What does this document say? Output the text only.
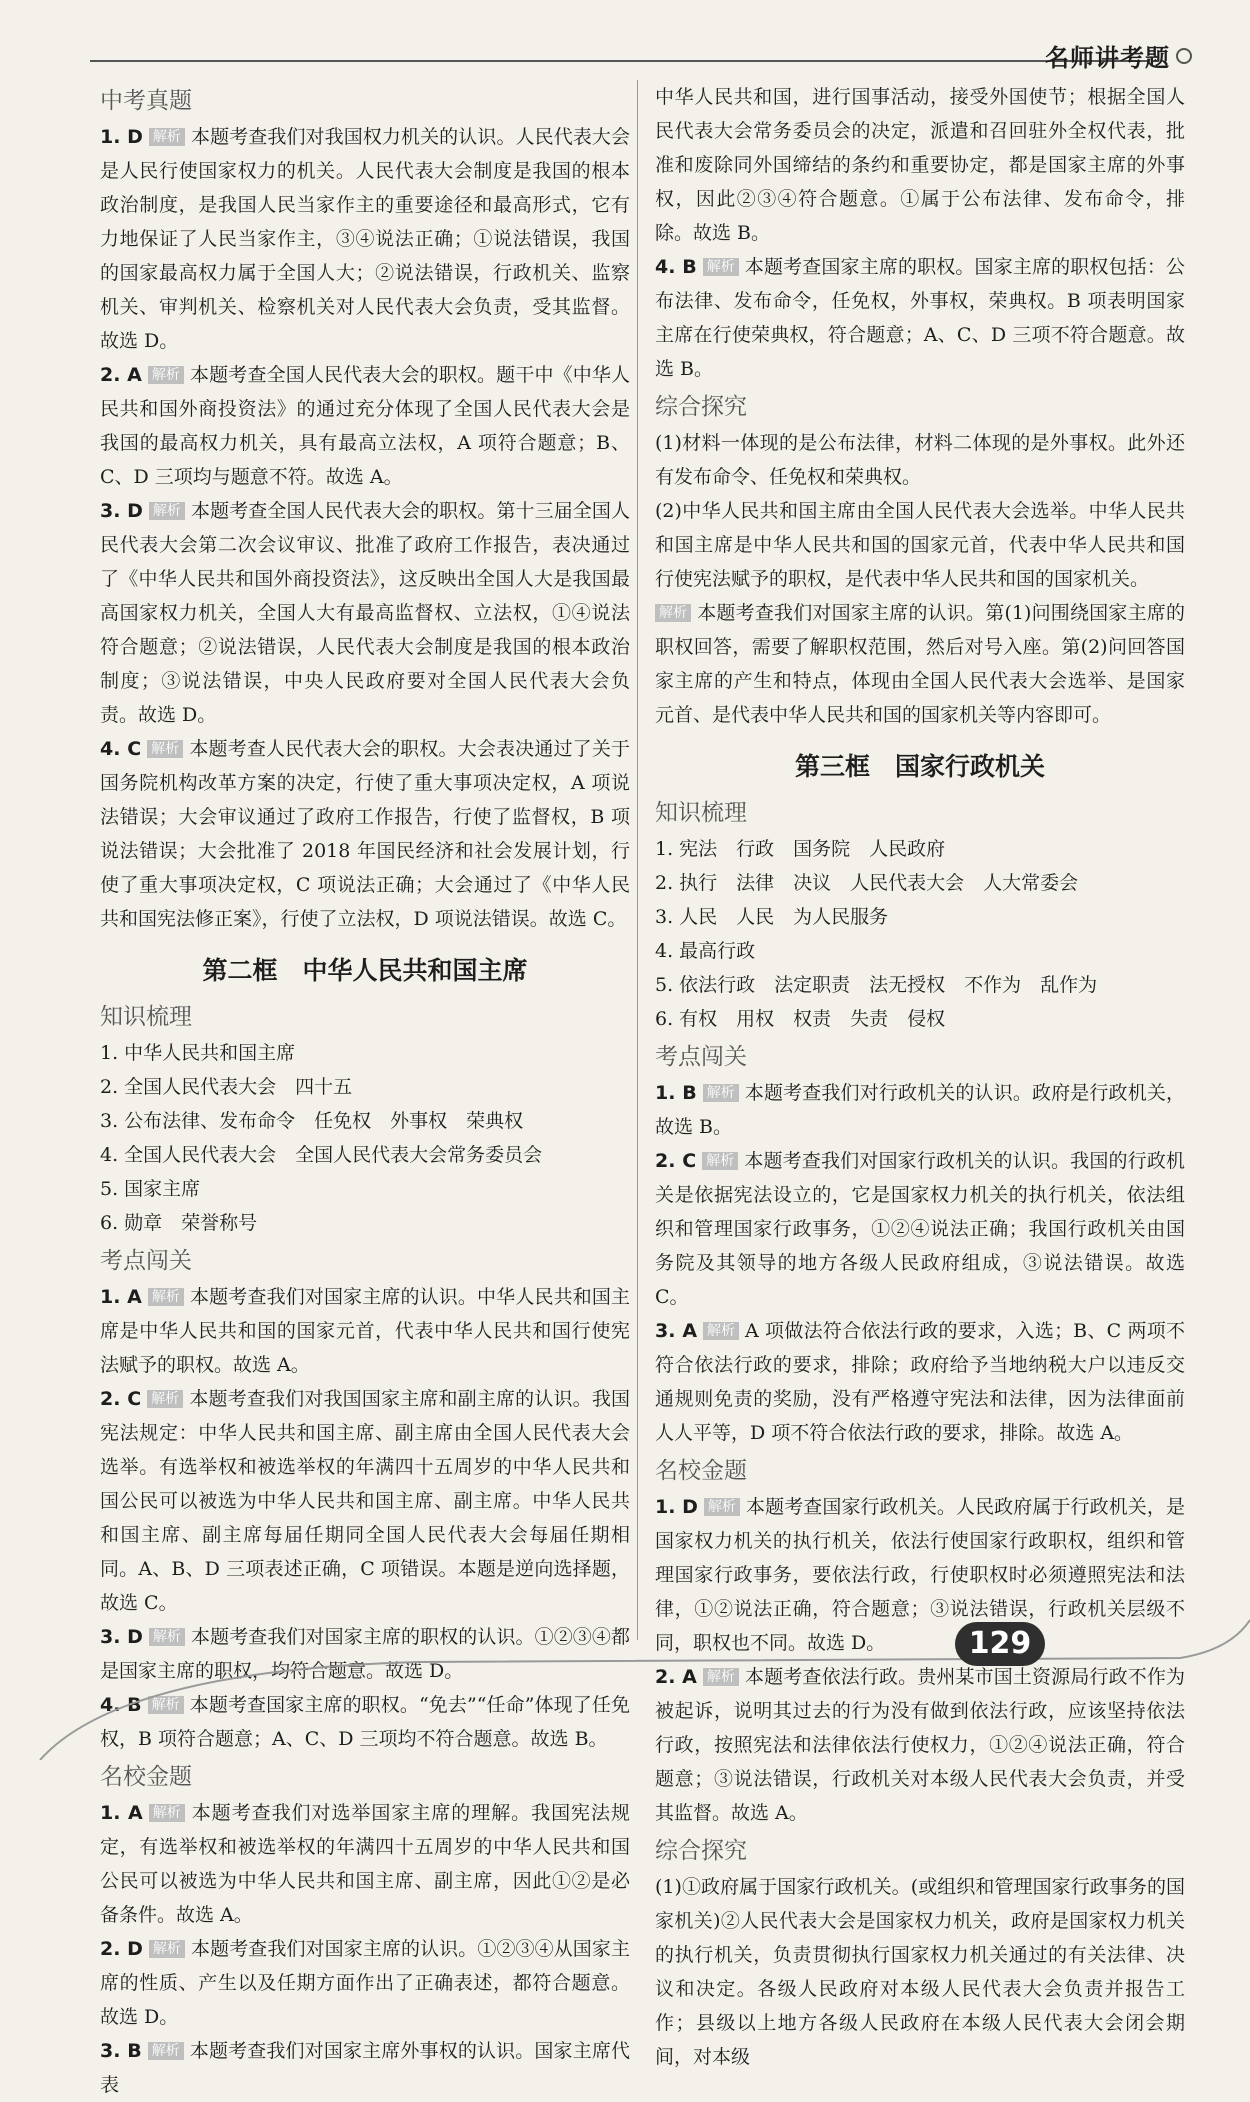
名师讲考题
中考真题
1. D 解析 本题考查我们对我国权力机关的认识。人民代表大会是人民行使国家权力的机关。人民代表大会制度是我国的根本政治制度，是我国人民当家作主的重要途径和最高形式，它有力地保证了人民当家作主，③④说法正确；①说法错误，我国的国家最高权力属于全国人大；②说法错误，行政机关、监察机关、审判机关、检察机关对人民代表大会负责，受其监督。故选 D。
2. A 解析 本题考查全国人民代表大会的职权。题干中《中华人民共和国外商投资法》的通过充分体现了全国人民代表大会是我国的最高权力机关，具有最高立法权，A 项符合题意；B、C、D 三项均与题意不符。故选 A。
3. D 解析 本题考查全国人民代表大会的职权。第十三届全国人民代表大会第二次会议审议、批准了政府工作报告，表决通过了《中华人民共和国外商投资法》，这反映出全国人大是我国最高国家权力机关，全国人大有最高监督权、立法权，①④说法符合题意；②说法错误，人民代表大会制度是我国的根本政治制度；③说法错误，中央人民政府要对全国人民代表大会负责。故选 D。
4. C 解析 本题考查人民代表大会的职权。大会表决通过了关于国务院机构改革方案的决定，行使了重大事项决定权，A 项说法错误；大会审议通过了政府工作报告，行使了监督权，B 项说法错误；大会批准了 2018 年国民经济和社会发展计划，行使了重大事项决定权，C 项说法正确；大会通过了《中华人民共和国宪法修正案》，行使了立法权，D 项说法错误。故选 C。
第二框　中华人民共和国主席
知识梳理
1. 中华人民共和国主席
2. 全国人民代表大会　四十五
3. 公布法律、发布命令　任免权　外事权　荣典权
4. 全国人民代表大会　全国人民代表大会常务委员会
5. 国家主席
6. 勋章　荣誉称号
考点闯关
1. A 解析 本题考查我们对国家主席的认识。中华人民共和国主席是中华人民共和国的国家元首，代表中华人民共和国行使宪法赋予的职权。故选 A。
2. C 解析 本题考查我们对我国国家主席和副主席的认识。我国宪法规定：中华人民共和国主席、副主席由全国人民代表大会选举。有选举权和被选举权的年满四十五周岁的中华人民共和国公民可以被选为中华人民共和国主席、副主席。中华人民共和国主席、副主席每届任期同全国人民代表大会每届任期相同。A、B、D 三项表述正确，C 项错误。本题是逆向选择题，故选 C。
3. D 解析 本题考查我们对国家主席的职权的认识。①②③④都是国家主席的职权，均符合题意。故选 D。
4. B 解析 本题考查国家主席的职权。“免去”“任命”体现了任免权，B 项符合题意；A、C、D 三项均不符合题意。故选 B。
名校金题
1. A 解析 本题考查我们对选举国家主席的理解。我国宪法规定，有选举权和被选举权的年满四十五周岁的中华人民共和国公民可以被选为中华人民共和国主席、副主席，因此①②是必备条件。故选 A。
2. D 解析 本题考查我们对国家主席的认识。①②③④从国家主席的性质、产生以及任期方面作出了正确表述，都符合题意。故选 D。
3. B 解析 本题考查我们对国家主席外事权的认识。国家主席代表
中华人民共和国，进行国事活动，接受外国使节；根据全国人民代表大会常务委员会的决定，派遣和召回驻外全权代表，批准和废除同外国缔结的条约和重要协定，都是国家主席的外事权，因此②③④符合题意。①属于公布法律、发布命令，排除。故选 B。
4. B 解析 本题考查国家主席的职权。国家主席的职权包括：公布法律、发布命令，任免权，外事权，荣典权。B 项表明国家主席在行使荣典权，符合题意；A、C、D 三项不符合题意。故选 B。
综合探究
(1)材料一体现的是公布法律，材料二体现的是外事权。此外还有发布命令、任免权和荣典权。
(2)中华人民共和国主席由全国人民代表大会选举。中华人民共和国主席是中华人民共和国的国家元首，代表中华人民共和国行使宪法赋予的职权，是代表中华人民共和国的国家机关。
解析 本题考查我们对国家主席的认识。第(1)问围绕国家主席的职权回答，需要了解职权范围，然后对号入座。第(2)问回答国家主席的产生和特点，体现由全国人民代表大会选举、是国家元首、是代表中华人民共和国的国家机关等内容即可。
第三框　国家行政机关
知识梳理
1. 宪法　行政　国务院　人民政府
2. 执行　法律　决议　人民代表大会　人大常委会
3. 人民　人民　为人民服务
4. 最高行政
5. 依法行政　法定职责　法无授权　不作为　乱作为
6. 有权　用权　权责　失责　侵权
考点闯关
1. B 解析 本题考查我们对行政机关的认识。政府是行政机关，故选 B。
2. C 解析 本题考查我们对国家行政机关的认识。我国的行政机关是依据宪法设立的，它是国家权力机关的执行机关，依法组织和管理国家行政事务，①②④说法正确；我国行政机关由国务院及其领导的地方各级人民政府组成，③说法错误。故选 C。
3. A 解析 A 项做法符合依法行政的要求，入选；B、C 两项不符合依法行政的要求，排除；政府给予当地纳税大户以违反交通规则免责的奖励，没有严格遵守宪法和法律，因为法律面前人人平等，D 项不符合依法行政的要求，排除。故选 A。
名校金题
1. D 解析 本题考查国家行政机关。人民政府属于行政机关，是国家权力机关的执行机关，依法行使国家行政职权，组织和管理国家行政事务，要依法行政，行使职权时必须遵照宪法和法律，①②说法正确，符合题意；③说法错误，行政机关层级不同，职权也不同。故选 D。
2. A 解析 本题考查依法行政。贵州某市国土资源局行政不作为被起诉，说明其过去的行为没有做到依法行政，应该坚持依法行政，按照宪法和法律依法行使权力，①②④说法正确，符合题意；③说法错误，行政机关对本级人民代表大会负责，并受其监督。故选 A。
综合探究
(1)①政府属于国家行政机关。(或组织和管理国家行政事务的国家机关)②人民代表大会是国家权力机关，政府是国家权力机关的执行机关，负责贯彻执行国家权力机关通过的有关法律、决议和决定。各级人民政府对本级人民代表大会负责并报告工作；县级以上地方各级人民政府在本级人民代表大会闭会期间，对本级
129
